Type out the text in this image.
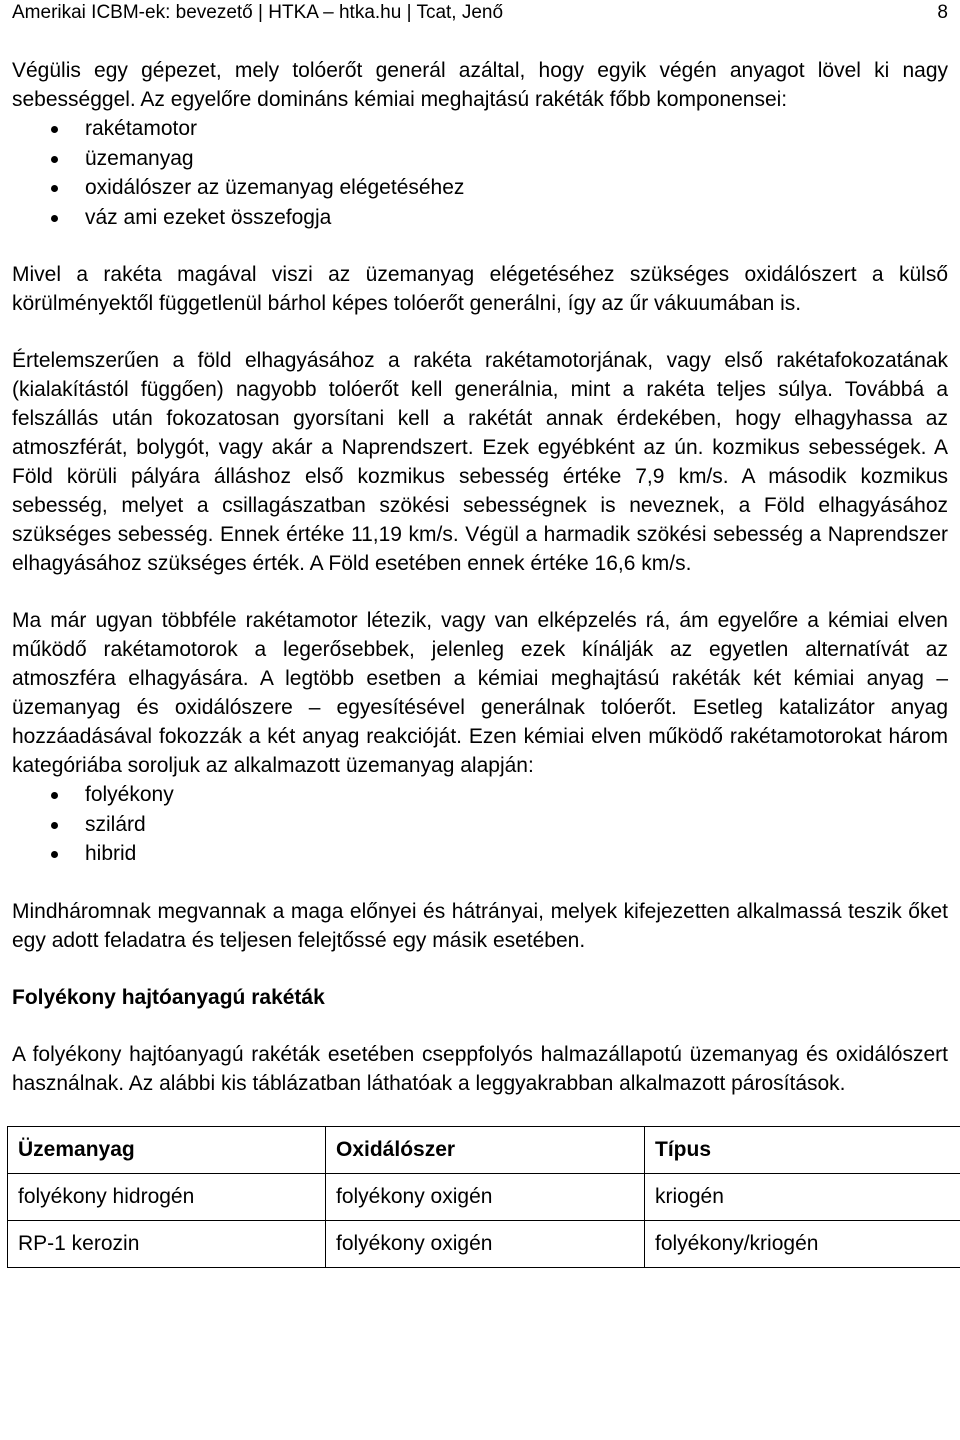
Amerikai ICBM-ek: bevezető | HTKA – htka.hu | Tcat, Jenő	8

Végülis egy gépezet, mely tolóerőt generál azáltal, hogy egyik végén anyagot lövel ki nagy sebességgel. Az egyelőre domináns kémiai meghajtású rakéták főbb komponensei:

rakétamotor
üzemanyag
oxidálószer az üzemanyag elégetéséhez
váz ami ezeket összefogja

Mivel a rakéta magával viszi az üzemanyag elégetéséhez szükséges oxidálószert a külső körülményektől függetlenül bárhol képes tolóerőt generálni, így az űr vákuumában is.

Értelemszerűen a föld elhagyásához a rakéta rakétamotorjának, vagy első rakétafokozatának (kialakítástól függően) nagyobb tolóerőt kell generálnia, mint a rakéta teljes súlya. Továbbá a felszállás után fokozatosan gyorsítani kell a rakétát annak érdekében, hogy elhagyhassa az atmoszférát, bolygót, vagy akár a Naprendszert. Ezek egyébként az ún. kozmikus sebességek. A Föld körüli pályára álláshoz első kozmikus sebesség értéke 7,9 km/s. A második kozmikus sebesség, melyet a csillagászatban szökési sebességnek is neveznek, a Föld elhagyásához szükséges sebesség. Ennek értéke 11,19 km/s. Végül a harmadik szökési sebesség a Naprendszer elhagyásához szükséges érték. A Föld esetében ennek értéke 16,6 km/s.

Ma már ugyan többféle rakétamotor létezik, vagy van elképzelés rá, ám egyelőre a kémiai elven működő rakétamotorok a legerősebbek, jelenleg ezek kínálják az egyetlen alternatívát az atmoszféra elhagyására. A legtöbb esetben a kémiai meghajtású rakéták két kémiai anyag – üzemanyag és oxidálószere – egyesítésével generálnak tolóerőt. Esetleg katalizátor anyag hozzáadásával fokozzák a két anyag reakcióját. Ezen kémiai elven működő rakétamotorokat három kategóriába soroljuk az alkalmazott üzemanyag alapján:

folyékony
szilárd
hibrid

Mindháromnak megvannak a maga előnyei és hátrányai, melyek kifejezetten alkalmassá teszik őket egy adott feladatra és teljesen felejtőssé egy másik esetében.

Folyékony hajtóanyagú rakéták

A folyékony hajtóanyagú rakéták esetében cseppfolyós halmazállapotú üzemanyag és oxidálószert használnak. Az alábbi kis táblázatban láthatóak a leggyakrabban alkalmazott párosítások.

Üzemanyag	Oxidálószer	Típus
folyékony hidrogén	folyékony oxigén	kriogén
RP-1 kerozin	folyékony oxigén	folyékony/kriogén
